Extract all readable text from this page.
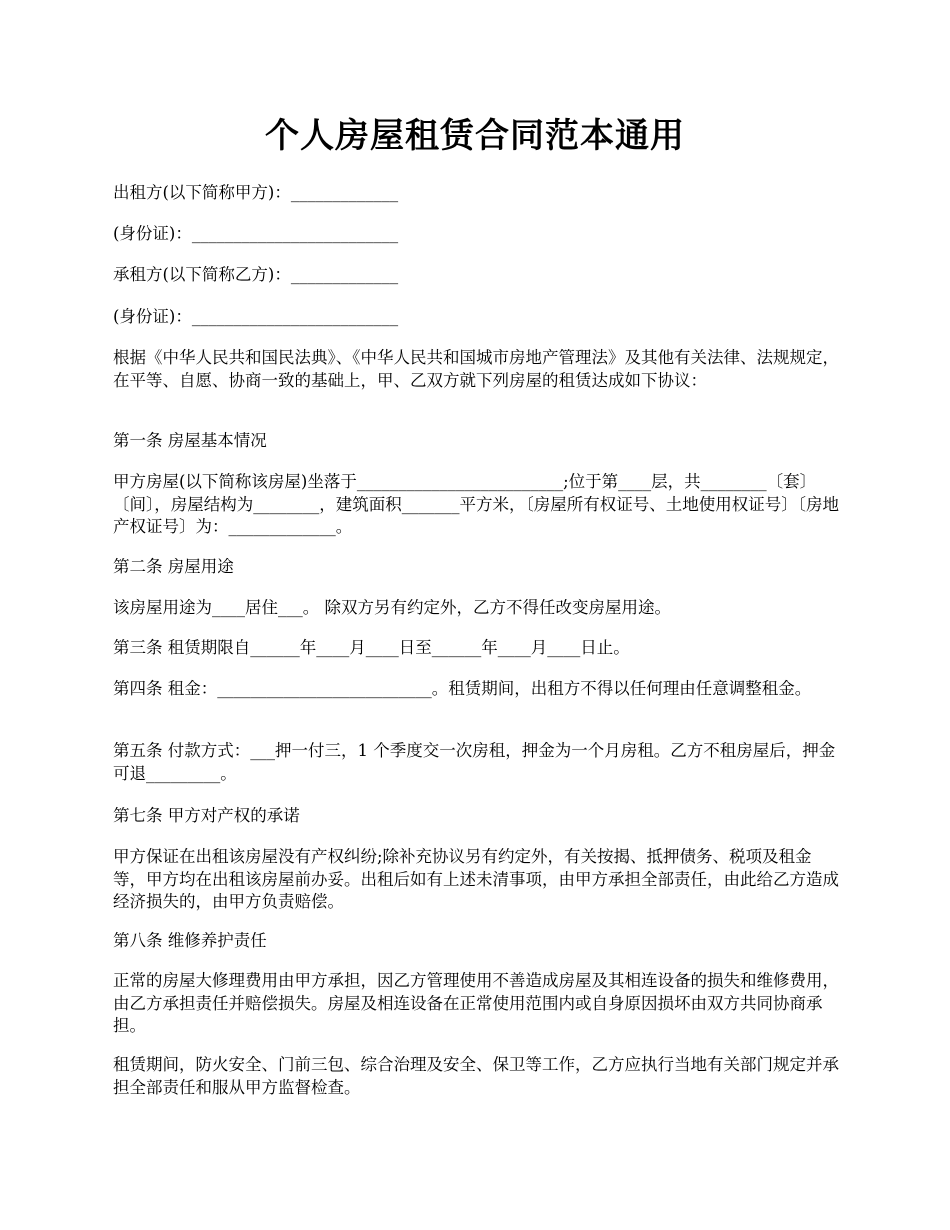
个人房屋租赁合同范本通用
出租方(以下简称甲方)：_____________
(身份证)：_________________________
承租方(以下简称乙方)：_____________
(身份证)：_________________________
根据《中华人民共和国民法典》、《中华人民共和国城市房地产管理法》及其他有关法律、法规规定，在平等、自愿、协商一致的基础上，甲、乙双方就下列房屋的租赁达成如下协议：
第一条 房屋基本情况
甲方房屋(以下简称该房屋)坐落于_________________________;位于第____层，共________〔套〕〔间〕，房屋结构为________，建筑面积_______平方米，〔房屋所有权证号、土地使用权证号〕〔房地产权证号〕为：_____________。
第二条 房屋用途
该房屋用途为____居住___。 除双方另有约定外，乙方不得任改变房屋用途。
第三条 租赁期限自______年____月____日至______年____月____日止。
第四条 租金：__________________________。租赁期间，出租方不得以任何理由任意调整租金。
第五条 付款方式：___押一付三，1 个季度交一次房租，押金为一个月房租。乙方不租房屋后，押金可退_________。
第七条 甲方对产权的承诺
甲方保证在出租该房屋没有产权纠纷;除补充协议另有约定外，有关按揭、抵押债务、税项及租金等，甲方均在出租该房屋前办妥。出租后如有上述未清事项，由甲方承担全部责任，由此给乙方造成经济损失的，由甲方负责赔偿。
第八条 维修养护责任
正常的房屋大修理费用由甲方承担，因乙方管理使用不善造成房屋及其相连设备的损失和维修费用，由乙方承担责任并赔偿损失。房屋及相连设备在正常使用范围内或自身原因损坏由双方共同协商承担。
租赁期间，防火安全、门前三包、综合治理及安全、保卫等工作，乙方应执行当地有关部门规定并承担全部责任和服从甲方监督检查。
